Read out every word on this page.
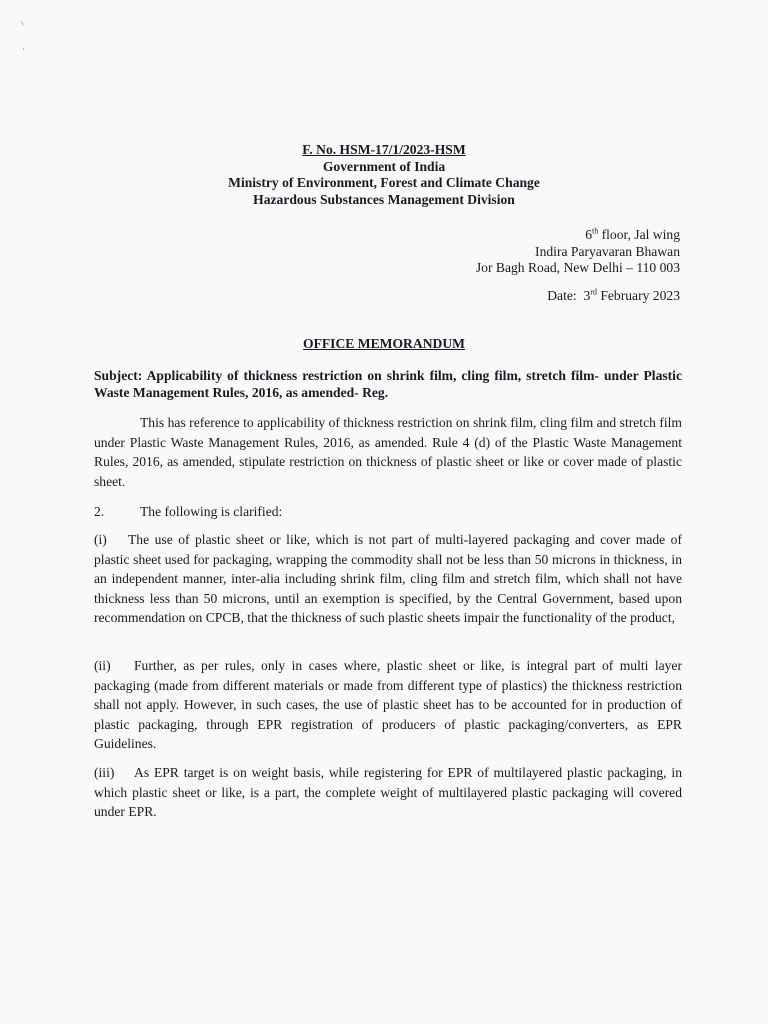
⸜
·
F. No. HSM-17/1/2023-HSM
Government of India
Ministry of Environment, Forest and Climate Change
Hazardous Substances Management Division
6th floor, Jal wing
Indira Paryavaran Bhawan
Jor Bagh Road, New Delhi – 110 003
Date: 3rd February 2023
OFFICE MEMORANDUM
Subject: Applicability of thickness restriction on shrink film, cling film, stretch film- under Plastic Waste Management Rules, 2016, as amended- Reg.
This has reference to applicability of thickness restriction on shrink film, cling film and stretch film under Plastic Waste Management Rules, 2016, as amended. Rule 4 (d) of the Plastic Waste Management Rules, 2016, as amended, stipulate restriction on thickness of plastic sheet or like or cover made of plastic sheet.
2.	The following is clarified:
(i) The use of plastic sheet or like, which is not part of multi-layered packaging and cover made of plastic sheet used for packaging, wrapping the commodity shall not be less than 50 microns in thickness, in an independent manner, inter-alia including shrink film, cling film and stretch film, which shall not have thickness less than 50 microns, until an exemption is specified, by the Central Government, based upon recommendation on CPCB, that the thickness of such plastic sheets impair the functionality of the product,
(ii) Further, as per rules, only in cases where, plastic sheet or like, is integral part of multi layer packaging (made from different materials or made from different type of plastics) the thickness restriction shall not apply. However, in such cases, the use of plastic sheet has to be accounted for in production of plastic packaging, through EPR registration of producers of plastic packaging/converters, as EPR Guidelines.
(iii) As EPR target is on weight basis, while registering for EPR of multilayered plastic packaging, in which plastic sheet or like, is a part, the complete weight of multilayered plastic packaging will covered under EPR.
